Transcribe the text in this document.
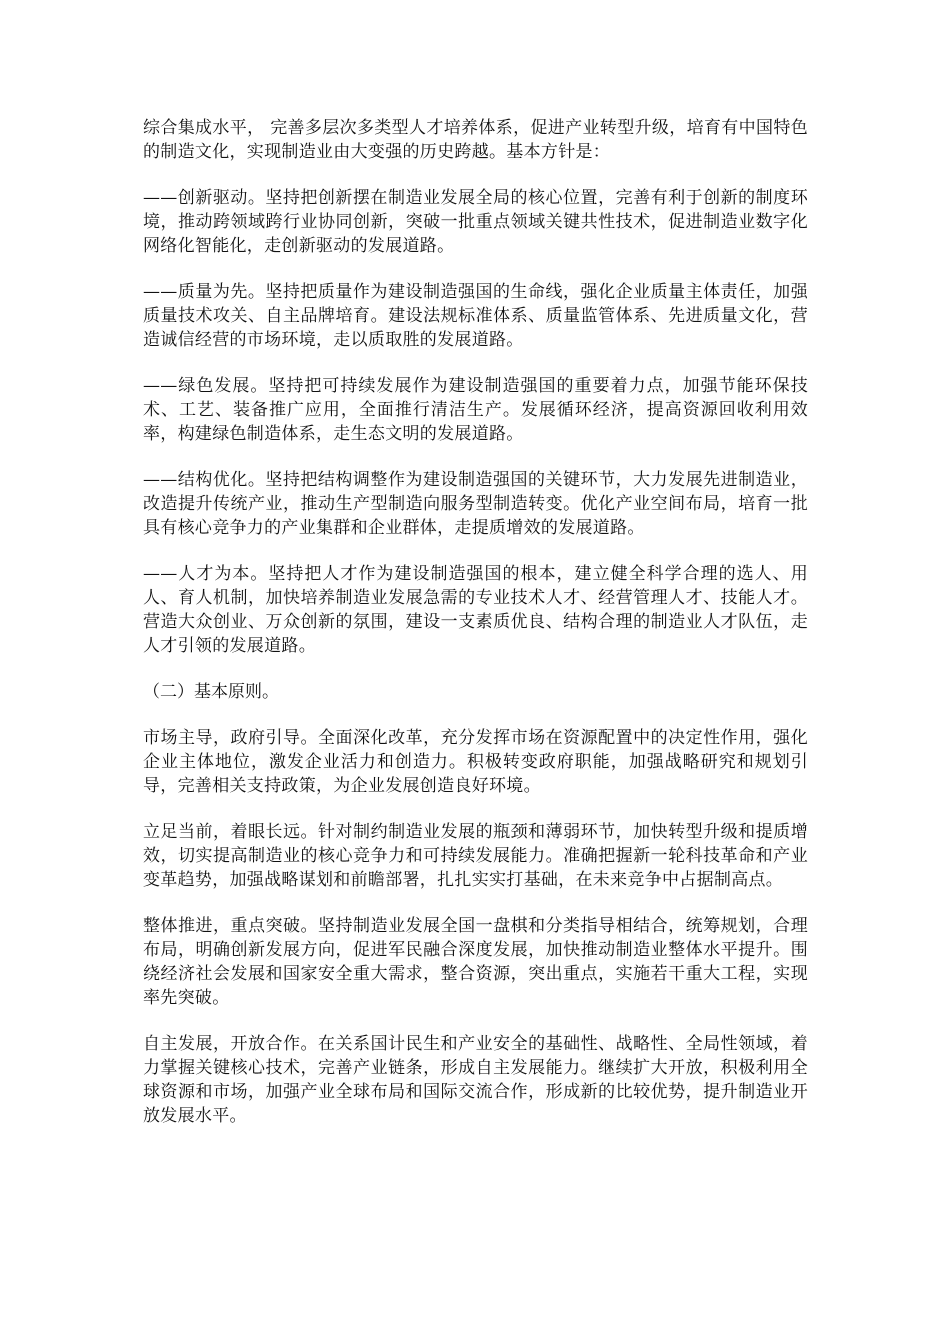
综合集成水平， 完善多层次多类型人才培养体系，促进产业转型升级，培育有中国特色的制造文化，实现制造业由大变强的历史跨越。基本方针是：

——创新驱动。坚持把创新摆在制造业发展全局的核心位置，完善有利于创新的制度环境，推动跨领域跨行业协同创新，突破一批重点领域关键共性技术，促进制造业数字化网络化智能化，走创新驱动的发展道路。

——质量为先。坚持把质量作为建设制造强国的生命线，强化企业质量主体责任，加强质量技术攻关、自主品牌培育。建设法规标准体系、质量监管体系、先进质量文化，营造诚信经营的市场环境，走以质取胜的发展道路。

——绿色发展。坚持把可持续发展作为建设制造强国的重要着力点，加强节能环保技术、工艺、装备推广应用，全面推行清洁生产。发展循环经济，提高资源回收利用效率，构建绿色制造体系，走生态文明的发展道路。

——结构优化。坚持把结构调整作为建设制造强国的关键环节，大力发展先进制造业，改造提升传统产业，推动生产型制造向服务型制造转变。优化产业空间布局，培育一批具有核心竞争力的产业集群和企业群体，走提质增效的发展道路。

——人才为本。坚持把人才作为建设制造强国的根本，建立健全科学合理的选人、用人、育人机制，加快培养制造业发展急需的专业技术人才、经营管理人才、技能人才。营造大众创业、万众创新的氛围，建设一支素质优良、结构合理的制造业人才队伍，走人才引领的发展道路。

（二）基本原则。

市场主导，政府引导。全面深化改革，充分发挥市场在资源配置中的决定性作用，强化企业主体地位，激发企业活力和创造力。积极转变政府职能，加强战略研究和规划引导，完善相关支持政策，为企业发展创造良好环境。

立足当前，着眼长远。针对制约制造业发展的瓶颈和薄弱环节，加快转型升级和提质增效，切实提高制造业的核心竞争力和可持续发展能力。准确把握新一轮科技革命和产业变革趋势，加强战略谋划和前瞻部署，扎扎实实打基础，在未来竞争中占据制高点。

整体推进，重点突破。坚持制造业发展全国一盘棋和分类指导相结合，统筹规划，合理布局，明确创新发展方向，促进军民融合深度发展，加快推动制造业整体水平提升。围绕经济社会发展和国家安全重大需求，整合资源，突出重点，实施若干重大工程，实现率先突破。

自主发展，开放合作。在关系国计民生和产业安全的基础性、战略性、全局性领域，着力掌握关键核心技术，完善产业链条，形成自主发展能力。继续扩大开放，积极利用全球资源和市场，加强产业全球布局和国际交流合作，形成新的比较优势，提升制造业开放发展水平。
